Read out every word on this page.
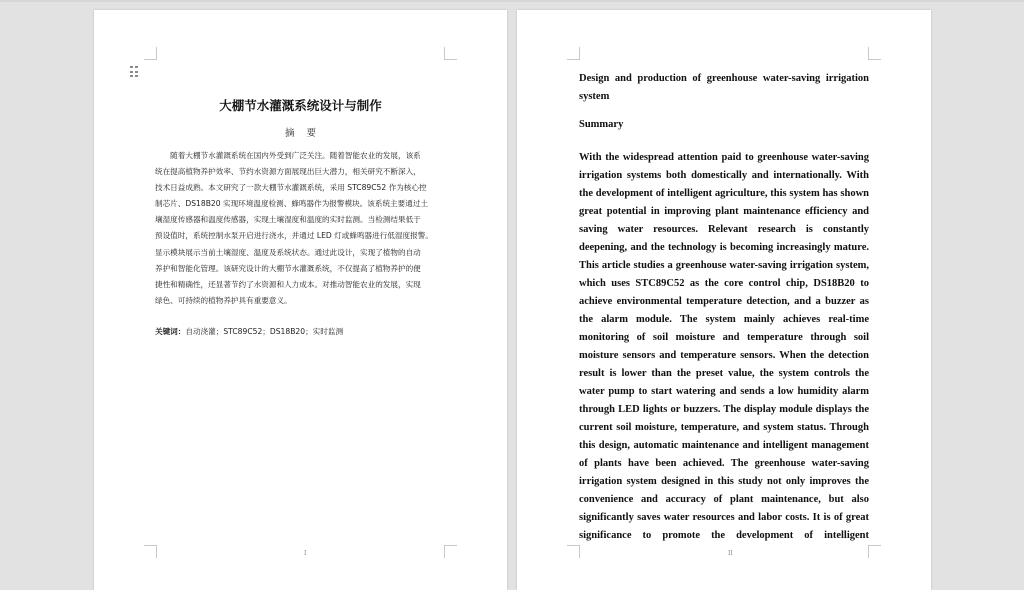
大棚节水灌溉系统设计与制作
摘要
　　随着大棚节水灌溉系统在国内外受到广泛关注。随着智能农业的发展，该系
统在提高植物养护效率、节约水资源方面展现出巨大潜力，相关研究不断深入，
技术日益成熟。本文研究了一款大棚节水灌溉系统，采用 STC89C52 作为核心控
制芯片、DS18B20 实现环境温度检测、蜂鸣器作为报警模块。该系统主要通过土
壤湿度传感器和温度传感器，实现土壤湿度和温度的实时监测。当检测结果低于
预设值时，系统控制水泵开启进行浇水，并通过 LED 灯或蜂鸣器进行低湿度报警。
显示模块展示当前土壤湿度、温度及系统状态。通过此设计，实现了植物的自动
养护和智能化管理。该研究设计的大棚节水灌溉系统，不仅提高了植物养护的便
捷性和精确性，还显著节约了水资源和人力成本。对推动智能农业的发展，实现
绿色、可持续的植物养护具有重要意义。
关键词：自动浇灌；STC89C52；DS18B20；实时监测
I
Design and production of greenhouse water-saving irrigation system
Summary
With the widespread attention paid to greenhouse water-saving
irrigation systems both domestically and internationally. With
the development of intelligent agriculture, this system has shown
great potential in improving plant maintenance efficiency and
saving water resources. Relevant research is constantly
deepening, and the technology is becoming increasingly mature.
This article studies a greenhouse water-saving irrigation system,
which uses STC89C52 as the core control chip, DS18B20 to
achieve environmental temperature detection, and a buzzer as
the alarm module. The system mainly achieves real-time
monitoring of soil moisture and temperature through soil
moisture sensors and temperature sensors. When the detection
result is lower than the preset value, the system controls the
water pump to start watering and sends a low humidity alarm
through LED lights or buzzers. The display module displays the
current soil moisture, temperature, and system status. Through
this design, automatic maintenance and intelligent management
of plants have been achieved. The greenhouse water-saving
irrigation system designed in this study not only improves the
convenience and accuracy of plant maintenance, but also
significantly saves water resources and labor costs. It is of great
significance to promote the development of intelligent
II
